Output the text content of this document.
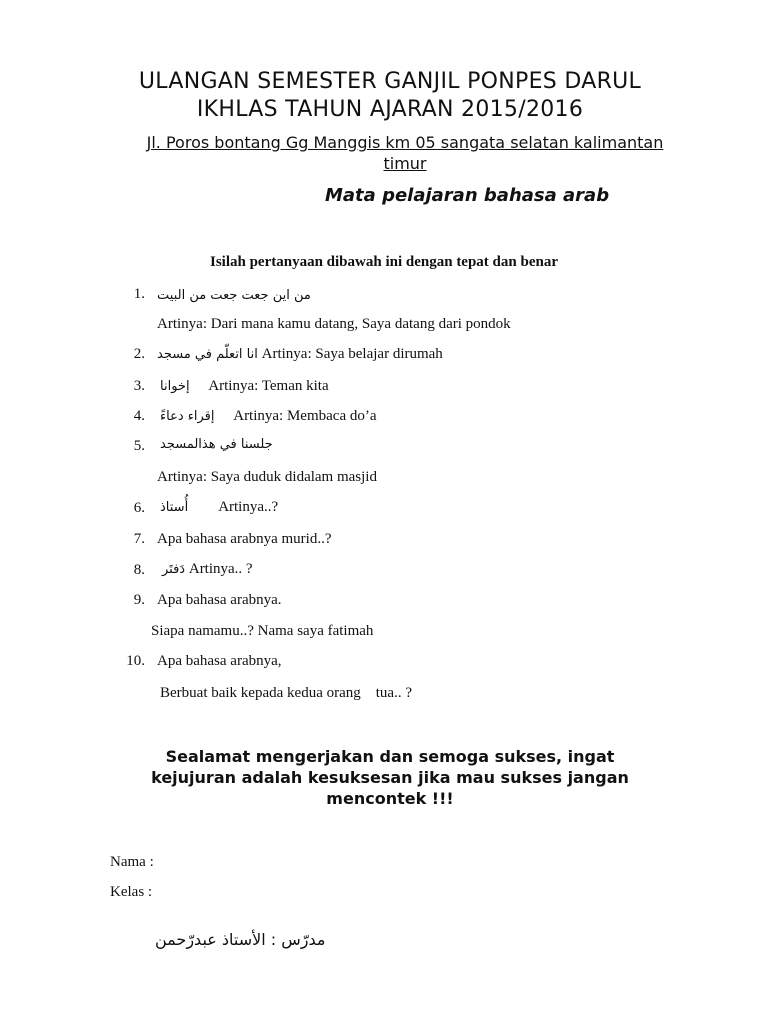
ULANGAN SEMESTER GANJIL PONPES DARUL
IKHLAS TAHUN AJARAN 2015/2016
Jl. Poros bontang Gg Manggis km 05 sangata selatan kalimantan
timur
Mata pelajaran bahasa arab
Isilah pertanyaan dibawah ini dengan tepat dan benar
1. من اين جعت جعت من البيت
Artinya: Dari mana kamu datang, Saya datang dari pondok
2. انا اتعلّم في مسجد Artinya: Saya belajar dirumah
3. إخوانا Artinya: Teman kita
4. إقراء دعاءً Artinya: Membaca do’a
5. جلسنا في هذالمسجد
Artinya: Saya duduk didalam masjid
6. أُستاذ Artinya..?
7. Apa bahasa arabnya murid..?
8. دَفتَر Artinya.. ?
9. Apa bahasa arabnya.
Siapa namamu..? Nama saya fatimah
10. Apa bahasa arabnya,
Berbuat baik kepada kedua orang    tua.. ?
Sealamat mengerjakan dan semoga sukses, ingat
kejujuran adalah kesuksesan jika mau sukses jangan
mencontek !!!
Nama :
Kelas :
مدرّس : الأستاذ عبدرّحمن
